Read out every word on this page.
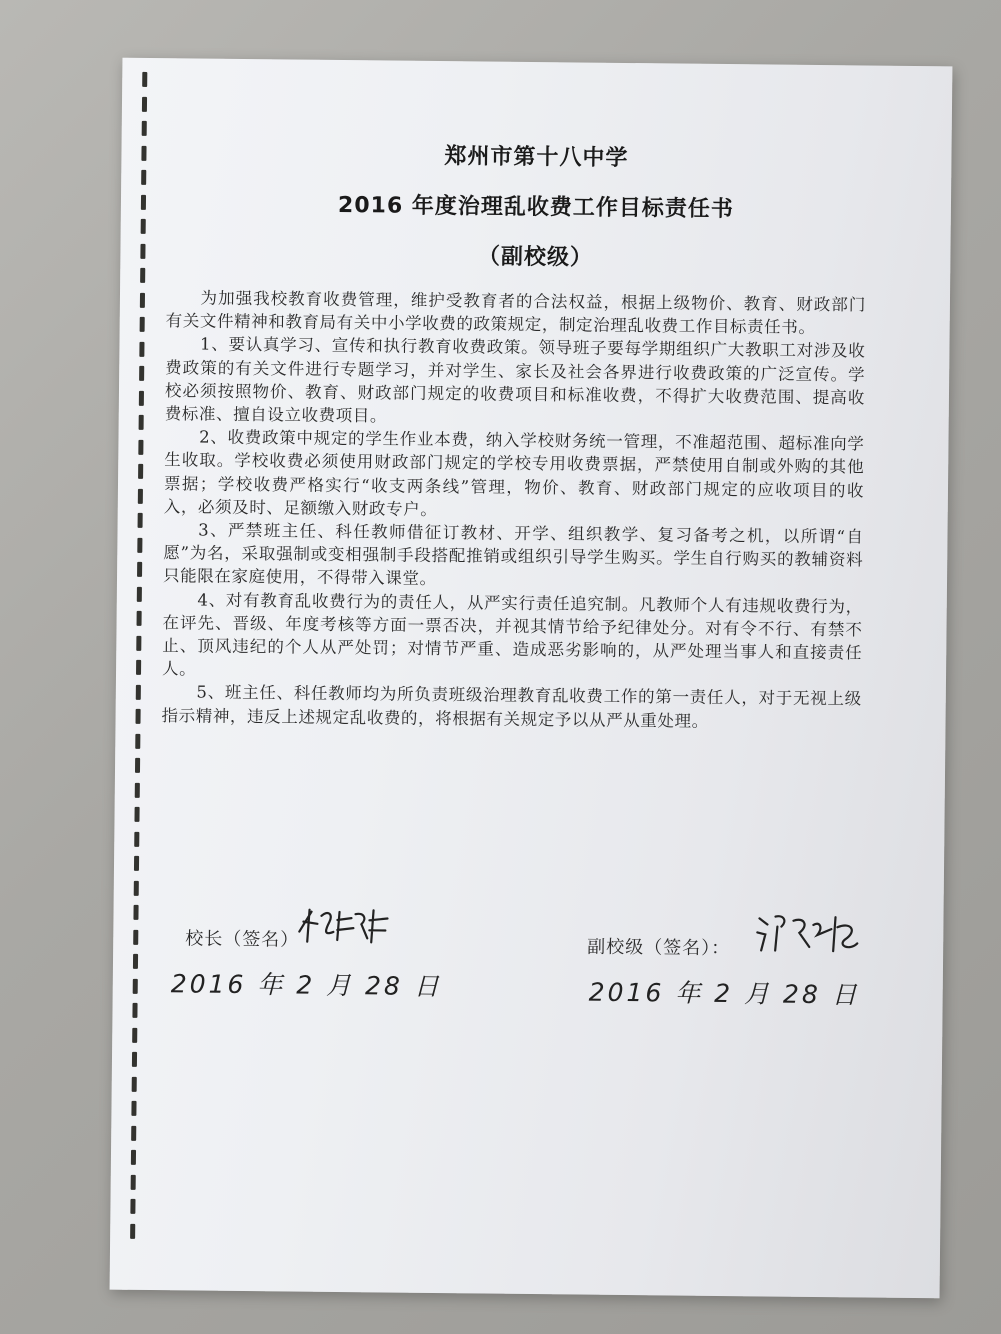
郑州市第十八中学
2016 年度治理乱收费工作目标责任书
（副校级）

为加强我校教育收费管理，维护受教育者的合法权益，根据上级物价、教育、财政部门有关文件精神和教育局有关中小学收费的政策规定，制定治理乱收费工作目标责任书。

1、要认真学习、宣传和执行教育收费政策。领导班子要每学期组织广大教职工对涉及收费政策的有关文件进行专题学习，并对学生、家长及社会各界进行收费政策的广泛宣传。学校必须按照物价、教育、财政部门规定的收费项目和标准收费，不得扩大收费范围、提高收费标准、擅自设立收费项目。

2、收费政策中规定的学生作业本费，纳入学校财务统一管理，不准超范围、超标准向学生收取。学校收费必须使用财政部门规定的学校专用收费票据，严禁使用自制或外购的其他票据；学校收费严格实行“收支两条线”管理，物价、教育、财政部门规定的应收项目的收入，必须及时、足额缴入财政专户。

3、严禁班主任、科任教师借征订教材、开学、组织教学、复习备考之机，以所谓“自愿”为名，采取强制或变相强制手段搭配推销或组织引导学生购买。学生自行购买的教辅资料只能限在家庭使用，不得带入课堂。

4、对有教育乱收费行为的责任人，从严实行责任追究制。凡教师个人有违规收费行为，在评先、晋级、年度考核等方面一票否决，并视其情节给予纪律处分。对有令不行、有禁不止、顶风违纪的个人从严处罚；对情节严重、造成恶劣影响的，从严处理当事人和直接责任人。

5、班主任、科任教师均为所负责班级治理教育乱收费工作的第一责任人，对于无视上级指示精神，违反上述规定乱收费的，将根据有关规定予以从严从重处理。

校长（签名）
2016 年 2 月 28 日
副校级（签名）：
2016 年 2 月 28 日
